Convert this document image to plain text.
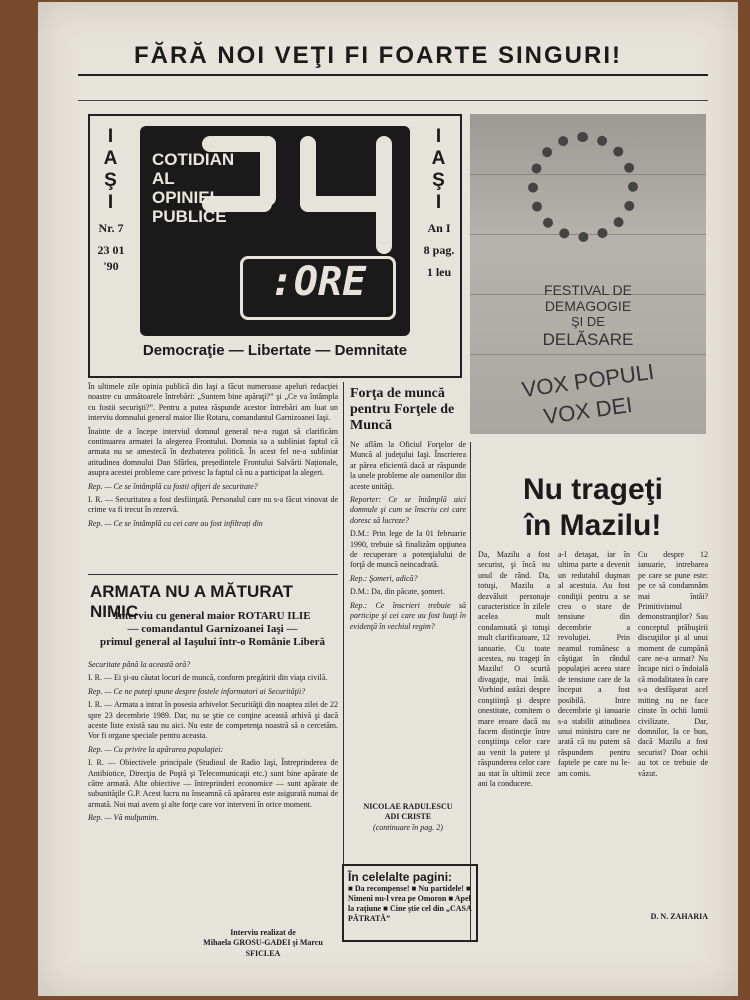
FĂRĂ NOI VEŢI FI FOARTE SINGURI!
I
A
Ş
I
Nr. 7
23 01 '90
COTIDIAN
AL
OPINIEI
PUBLICE
:ORE
I
A
Ş
I
An I
8 pag.
1 leu
Democraţie — Libertate — Demnitate
FESTIVAL DE
DEMAGOGIE
ŞI DE
DELĂSARE
VOX POPULI
VOX DEI

În ultimele zile opinia publică din Iaşi a făcut numeroase apeluri redacţiei noastre cu următoarele întrebări: „Suntem bine apăraţi?” şi „Ce va întâmpla cu fostii securişti?”. Pentru a putea răspunde acestor întrebări am luat un interviu domnului general maior Ilie Rotaru, comandantul Garnizoanei Iaşi.

Înainte de a începe interviul domnul general ne-a rugat să clarificăm continuarea armatei la alegerea Frontului. Domnia sa a subliniat faptul că armata nu se amestecă în dezbaterea politică. În acest fel ne-a subliniat atitudinea domnului Dan Sfârlea, președintele Frontului Salvării Naționale, asupra acestei probleme care privesc la faptul că nu a participat la alegeri.

Rep. — Ce se întâmplă cu fostii ofiţeri de securitate?

I. R. — Securitatea a fost desfiinţată. Personalul care nu s-a făcut vinovat de crime va fi trecut în rezervă.

Rep. — Ce se întâmplă cu cei care au fost infiltrați din

ARMATA NU A MĂTURAT NIMIC
Interviu cu general maior ROTARU ILIE
— comandantul Garnizoanei Iaşi —
primul general al Iaşului într-o Românie Liberă

Securitate până la această oră?

I. R. — Ei şi-au căutat locuri de muncă, conform pregătirii din viaţa civilă.

Rep. — Ce ne puteţi spune despre fostele informatori ai Securităţii?

I. R. — Armata a intrat în posesia arhivelor Securităţii din noaptea zilei de 22 spre 23 decembrie 1989. Dar, nu se ştie ce conţine această arhivă şi dacă aceste liste există sau nu aici. Nu este de competenţa noastră să o cercetăm. Vor fi organe speciale pentru aceasta.

Rep. — Cu privire la apărarea populaţiei:

I. R. — Obiectivele principale (Studioul de Radio Iaşi, Întreprinderea de Antibiotice, Direcţia de Poştă şi Telecomunicaţii etc.) sunt bine apărate de către armată. Alte obiective — întreprinderi economice — sunt apărate de subunităţile G.P. Acest lucru nu înseamnă că apărarea este asigurată numai de armată. Noi mai avem şi alte forţe care vor interveni în orice moment.

Rep. — Vă mulţumim.

Interviu realizat de
Mihaela GROSU-GADEI şi Marcu SFICLEA
Forţa de muncă pentru Forţele de Muncă

Ne aflăm la Oficiul Forţelor de Muncă al judeţului Iaşi. Înscrierea ar părea eficientă dacă ar răspunde la unele probleme ale oamenilor din aceste unităţi.

Reporter: Ce se întâmplă aici domnule şi cum se înscriu cei care doresc să lucreze?

D.M.: Prin lege de la 01 februarie 1990, trebuie să finalizăm opţiunea de recuperare a potenţialului de forţă de muncă neincadrată.

Rep.: Şomeri, adică?

D.M.: Da, din păcate, şomeri.

Rep.: Ce înscrieri trebuie să participe şi cei care au fost luaţi în evidenţă în vechiul regim?

NICOLAE RADULESCU
ADI CRISTE
(continuare în pag. 2)
În celelalte pagini:
■ Da recompense! ■ Nu partidele! ■ Nimeni nu-l vrea pe Omoron ■ Apel la rațiune ■ Cine știe cel din „CASA PĂTRATĂ”
Nu trageţi
în Mazilu!
Da, Mazilu a fost securist, şi încă nu unul de rând. Da, totuşi, Mazilu a dezvăluit personaje caracteristice în zilele acelea mult condamnată şi totuşi mult clarificatoare, 12 ianuarie. Cu toate acestea, nu trageţi în Mazilu! O scurtă divagaţie, mai întâi. Vorbind astăzi despre conştiinţă şi despre onestitate, comitem o mare eroare dacă nu facem distincţie între conştiinţa celor care au venit la putere şi răspunderea celor care au stat în ultimii zece ani la conducere.
a-l detaşat, iar în ultima parte a devenit un redutabil duşman al acestuia. Au fost condiţii pentru a se crea o stare de tensiune din decembrie a revoluţiei. Prin neamul românesc a câştigat în rândul populaţiei aceea stare de tensiune care de la început a fost posibilă. Intre decembrie şi ianuarie s-a stabilit atitudinea unui ministru care ne arată că nu putem să răspundem pentru faptele pe care nu le-am comis.
Cu despre 12 ianuarie, intrebarea pe care se pune este: pe ce să condamnăm mai întâi? Primitivismul demonstranţilor? Sau conceptul prăbuşirii discuţiilor şi al unui moment de cumpănă care ne-a urmat? Nu încape nici o îndoială că modalitatea în care s-a desfăşurat acel miting nu ne face cinste în ochii lumii civilizate. Dar, domnilor, la ce bun, dacă Mazilu a fost securist? Doar ochii au tot ce trebuie de văzut.
D. N. ZAHARIA
